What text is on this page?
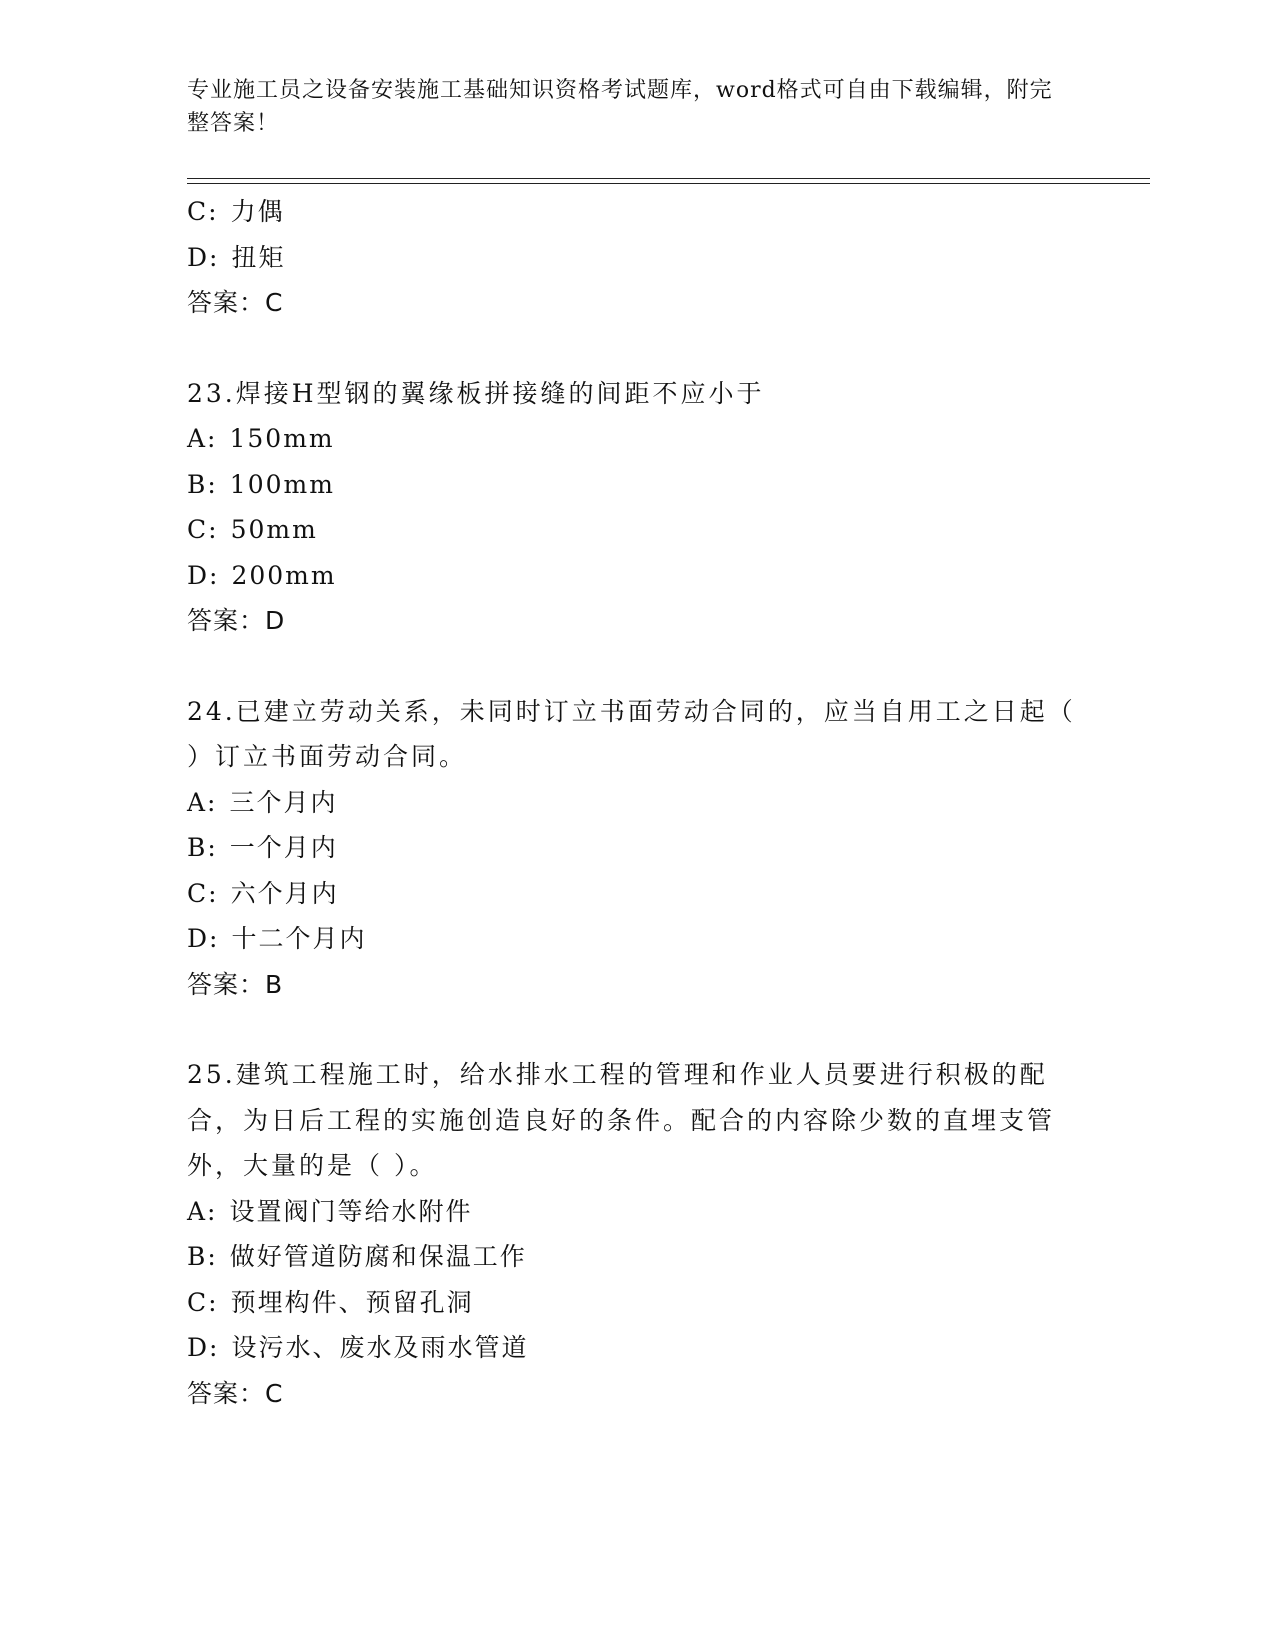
专业施工员之设备安装施工基础知识资格考试题库，word格式可自由下载编辑，附完整答案！
C: 力偶
D: 扭矩
答案：C
23.焊接H型钢的翼缘板拼接缝的间距不应小于
A: 150mm
B: 100mm
C: 50mm
D: 200mm
答案：D
24.已建立劳动关系，未同时订立书面劳动合同的，应当自用工之日起（ ）订立书面劳动合同。
A: 三个月内
B: 一个月内
C: 六个月内
D: 十二个月内
答案：B
25.建筑工程施工时，给水排水工程的管理和作业人员要进行积极的配合，为日后工程的实施创造良好的条件。配合的内容除少数的直埋支管外，大量的是（ ）。
A: 设置阀门等给水附件
B: 做好管道防腐和保温工作
C: 预埋构件、预留孔洞
D: 设污水、废水及雨水管道
答案：C
